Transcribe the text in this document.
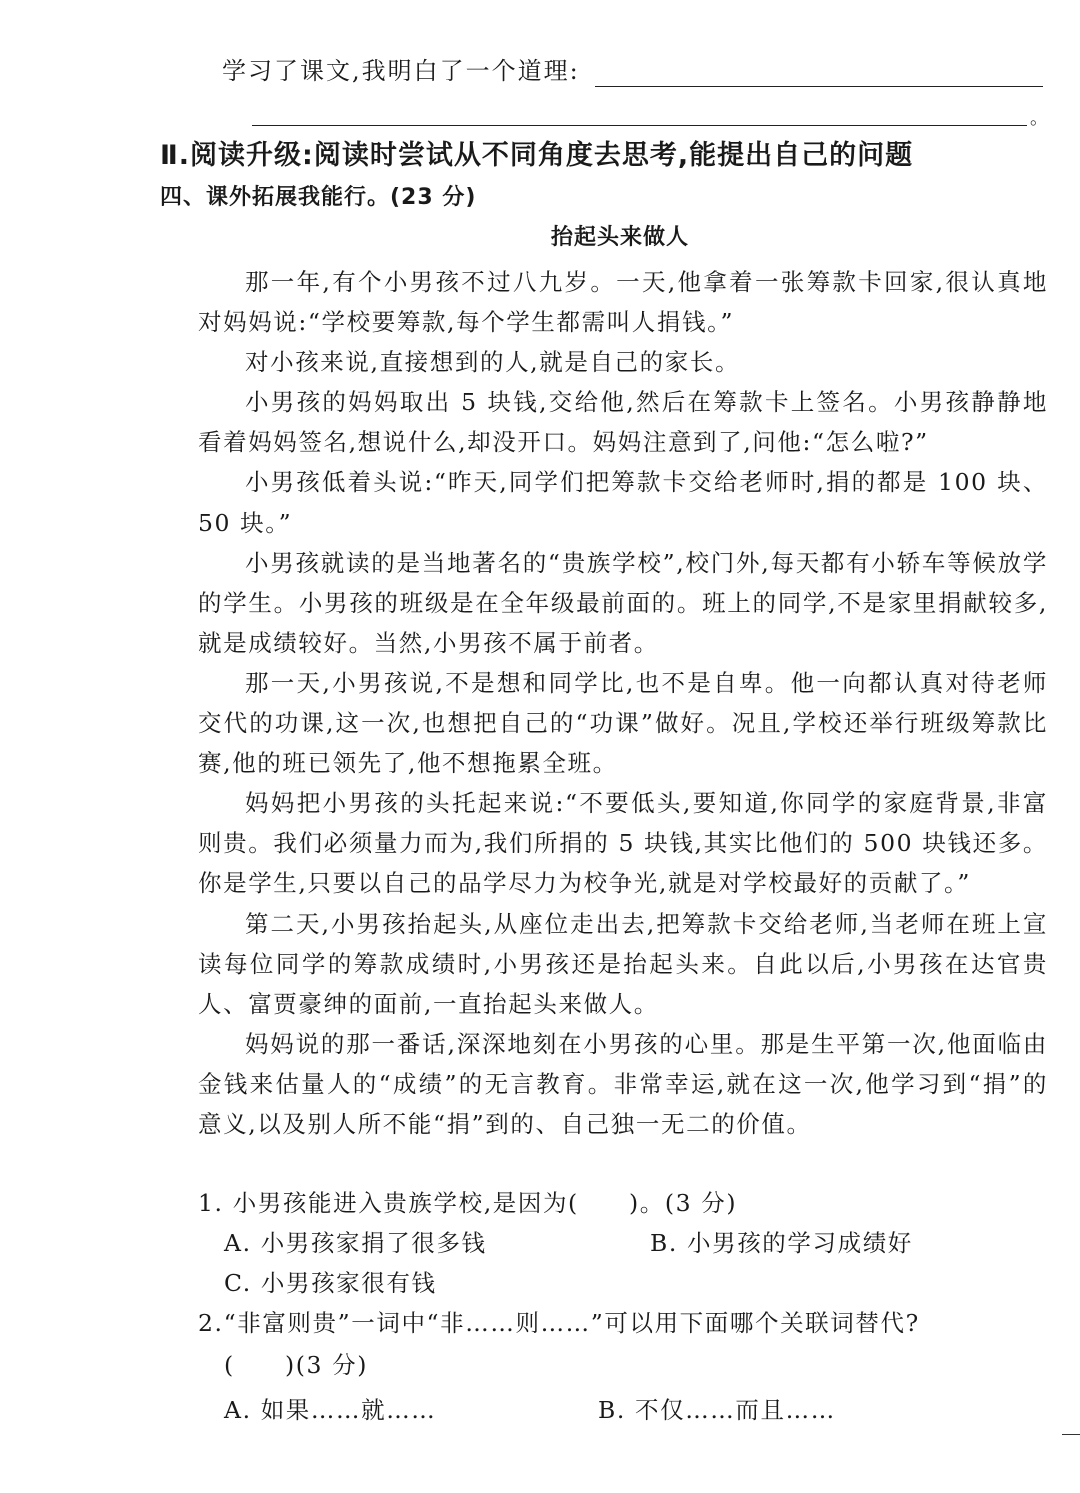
学习了课文,我明白了一个道理:
。
Ⅱ.阅读升级:阅读时尝试从不同角度去思考,能提出自己的问题
四、课外拓展我能行。(23 分)
抬起头来做人

那一年,有个小男孩不过八九岁。一天,他拿着一张筹款卡回家,很认真地对妈妈说:“学校要筹款,每个学生都需叫人捐钱。”

对小孩来说,直接想到的人,就是自己的家长。

小男孩的妈妈取出 5 块钱,交给他,然后在筹款卡上签名。小男孩静静地看着妈妈签名,想说什么,却没开口。妈妈注意到了,问他:“怎么啦?”

小男孩低着头说:“昨天,同学们把筹款卡交给老师时,捐的都是 100 块、50 块。”

小男孩就读的是当地著名的“贵族学校”,校门外,每天都有小轿车等候放学的学生。小男孩的班级是在全年级最前面的。班上的同学,不是家里捐献较多,就是成绩较好。当然,小男孩不属于前者。

那一天,小男孩说,不是想和同学比,也不是自卑。他一向都认真对待老师交代的功课,这一次,也想把自己的“功课”做好。况且,学校还举行班级筹款比赛,他的班已领先了,他不想拖累全班。

妈妈把小男孩的头托起来说:“不要低头,要知道,你同学的家庭背景,非富则贵。我们必须量力而为,我们所捐的 5 块钱,其实比他们的 500 块钱还多。你是学生,只要以自己的品学尽力为校争光,就是对学校最好的贡献了。”

第二天,小男孩抬起头,从座位走出去,把筹款卡交给老师,当老师在班上宣读每位同学的筹款成绩时,小男孩还是抬起头来。自此以后,小男孩在达官贵人、富贾豪绅的面前,一直抬起头来做人。

妈妈说的那一番话,深深地刻在小男孩的心里。那是生平第一次,他面临由金钱来估量人的“成绩”的无言教育。非常幸运,就在这一次,他学习到“捐”的意义,以及别人所不能“捐”到的、自己独一无二的价值。

1. 小男孩能进入贵族学校,是因为(　　)。(3 分)
A. 小男孩家捐了很多钱	B. 小男孩的学习成绩好
C. 小男孩家很有钱
2.“非富则贵”一词中“非……则……”可以用下面哪个关联词替代?
(　　)(3 分)
A. 如果……就……	B. 不仅……而且……
